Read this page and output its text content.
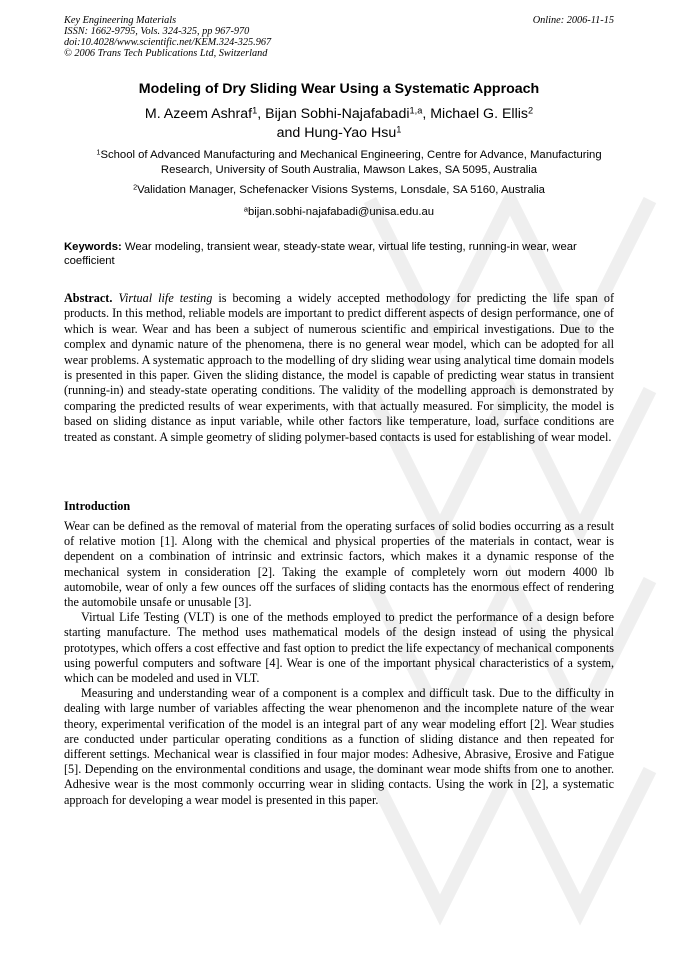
Key Engineering Materials
ISSN: 1662-9795, Vols. 324-325, pp 967-970
doi:10.4028/www.scientific.net/KEM.324-325.967
© 2006 Trans Tech Publications Ltd, Switzerland
Online: 2006-11-15
Modeling of Dry Sliding Wear Using a Systematic Approach
M. Azeem Ashraf$^1$, Bijan Sobhi-Najafabadi$^{1,a}$, Michael G. Ellis$^2$
and Hung-Yao Hsu$^1$
$^1$School of Advanced Manufacturing and Mechanical Engineering, Centre for Advance, Manufacturing Research, University of South Australia, Mawson Lakes, SA 5095, Australia
$^2$Validation Manager, Schefenacker Visions Systems, Lonsdale, SA 5160, Australia
$^a$bijan.sobhi-najafabadi@unisa.edu.au
Keywords: Wear modeling, transient wear, steady-state wear, virtual life testing, running-in wear, wear coefficient
Abstract. Virtual life testing is becoming a widely accepted methodology for predicting the life span of products. In this method, reliable models are important to predict different aspects of design performance, one of which is wear. Wear and has been a subject of numerous scientific and empirical investigations. Due to the complex and dynamic nature of the phenomena, there is no general wear model, which can be adopted for all wear problems. A systematic approach to the modelling of dry sliding wear using analytical time domain models is presented in this paper. Given the sliding distance, the model is capable of predicting wear status in transient (running-in) and steady-state operating conditions. The validity of the modelling approach is demonstrated by comparing the predicted results of wear experiments, with that actually measured. For simplicity, the model is based on sliding distance as input variable, while other factors like temperature, load, surface conditions are treated as constant. A simple geometry of sliding polymer-based contacts is used for establishing of wear model.
Introduction

Wear can be defined as the removal of material from the operating surfaces of solid bodies occurring as a result of relative motion [1]. Along with the chemical and physical properties of the materials in contact, wear is dependent on a combination of intrinsic and extrinsic factors, which makes it a dynamic response of the mechanical system in consideration [2]. Taking the example of completely worn out modern 4000 lb automobile, wear of only a few ounces off the surfaces of sliding contacts has the enormous effect of rendering the automobile unsafe or unusable [3].

Virtual Life Testing (VLT) is one of the methods employed to predict the performance of a design before starting manufacture. The method uses mathematical models of the design instead of using the physical prototypes, which offers a cost effective and fast option to predict the life expectancy of mechanical components using powerful computers and software [4]. Wear is one of the important physical characteristics of a system, which can be modeled and used in VLT.

Measuring and understanding wear of a component is a complex and difficult task. Due to the difficulty in dealing with large number of variables affecting the wear phenomenon and the incomplete nature of the wear theory, experimental verification of the model is an integral part of any wear modeling effort [2]. Wear studies are conducted under particular operating conditions as a function of sliding distance and then repeated for different settings. Mechanical wear is classified in four major modes: Adhesive, Abrasive, Erosive and Fatigue [5]. Depending on the environmental conditions and usage, the dominant wear mode shifts from one to another. Adhesive wear is the most commonly occurring wear in sliding contacts. Using the work in [2], a systematic approach for developing a wear model is presented in this paper.
